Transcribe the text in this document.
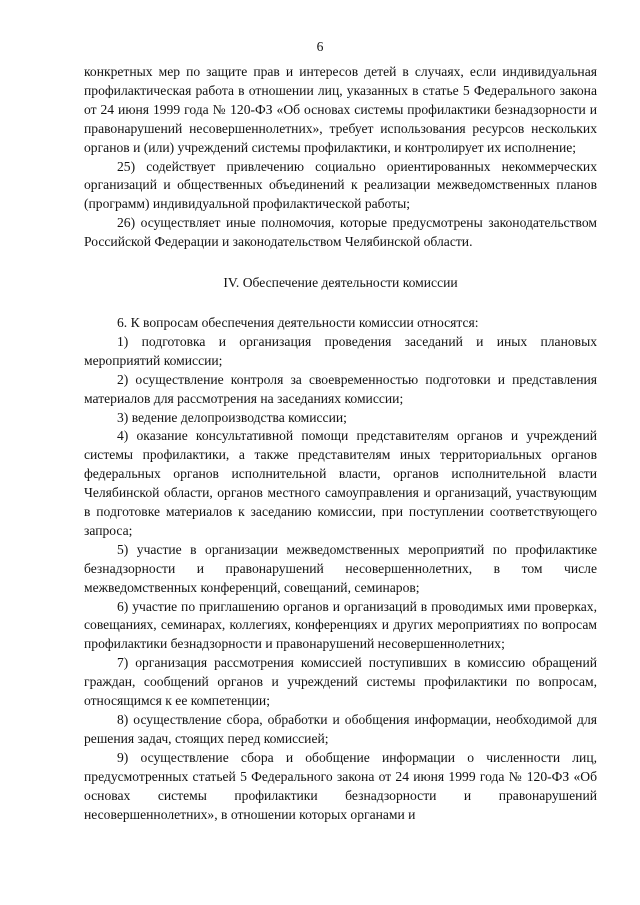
6

конкретных мер по защите прав и интересов детей в случаях, если индивидуальная профилактическая работа в отношении лиц, указанных в статье 5 Федерального закона от 24 июня 1999 года № 120-ФЗ «Об основах системы профилактики безнадзорности и правонарушений несовершеннолетних», требует использования ресурсов нескольких органов и (или) учреждений системы профилактики, и контролирует их исполнение;

25) содействует привлечению социально ориентированных некоммерческих организаций и общественных объединений к реализации межведомственных планов (программ) индивидуальной профилактической работы;

26) осуществляет иные полномочия, которые предусмотрены законодательством Российской Федерации и законодательством Челябинской области.

IV. Обеспечение деятельности комиссии

6. К вопросам обеспечения деятельности комиссии относятся:

1) подготовка и организация проведения заседаний и иных плановых мероприятий комиссии;

2) осуществление контроля за своевременностью подготовки и представления материалов для рассмотрения на заседаниях комиссии;

3) ведение делопроизводства комиссии;

4) оказание консультативной помощи представителям органов и учреждений системы профилактики, а также представителям иных территориальных органов федеральных органов исполнительной власти, органов исполнительной власти Челябинской области, органов местного самоуправления и организаций, участвующим в подготовке материалов к заседанию комиссии, при поступлении соответствующего запроса;

5) участие в организации межведомственных мероприятий по профилактике безнадзорности и правонарушений несовершеннолетних, в том числе межведомственных конференций, совещаний, семинаров;

6) участие по приглашению органов и организаций в проводимых ими проверках, совещаниях, семинарах, коллегиях, конференциях и других мероприятиях по вопросам профилактики безнадзорности и правонарушений несовершеннолетних;

7) организация рассмотрения комиссией поступивших в комиссию обращений граждан, сообщений органов и учреждений системы профилактики по вопросам, относящимся к ее компетенции;

8) осуществление сбора, обработки и обобщения информации, необходимой для решения задач, стоящих перед комиссией;

9) осуществление сбора и обобщение информации о численности лиц, предусмотренных статьей 5 Федерального закона от 24 июня 1999 года № 120-ФЗ «Об основах системы профилактики безнадзорности и правонарушений несовершеннолетних», в отношении которых органами и
